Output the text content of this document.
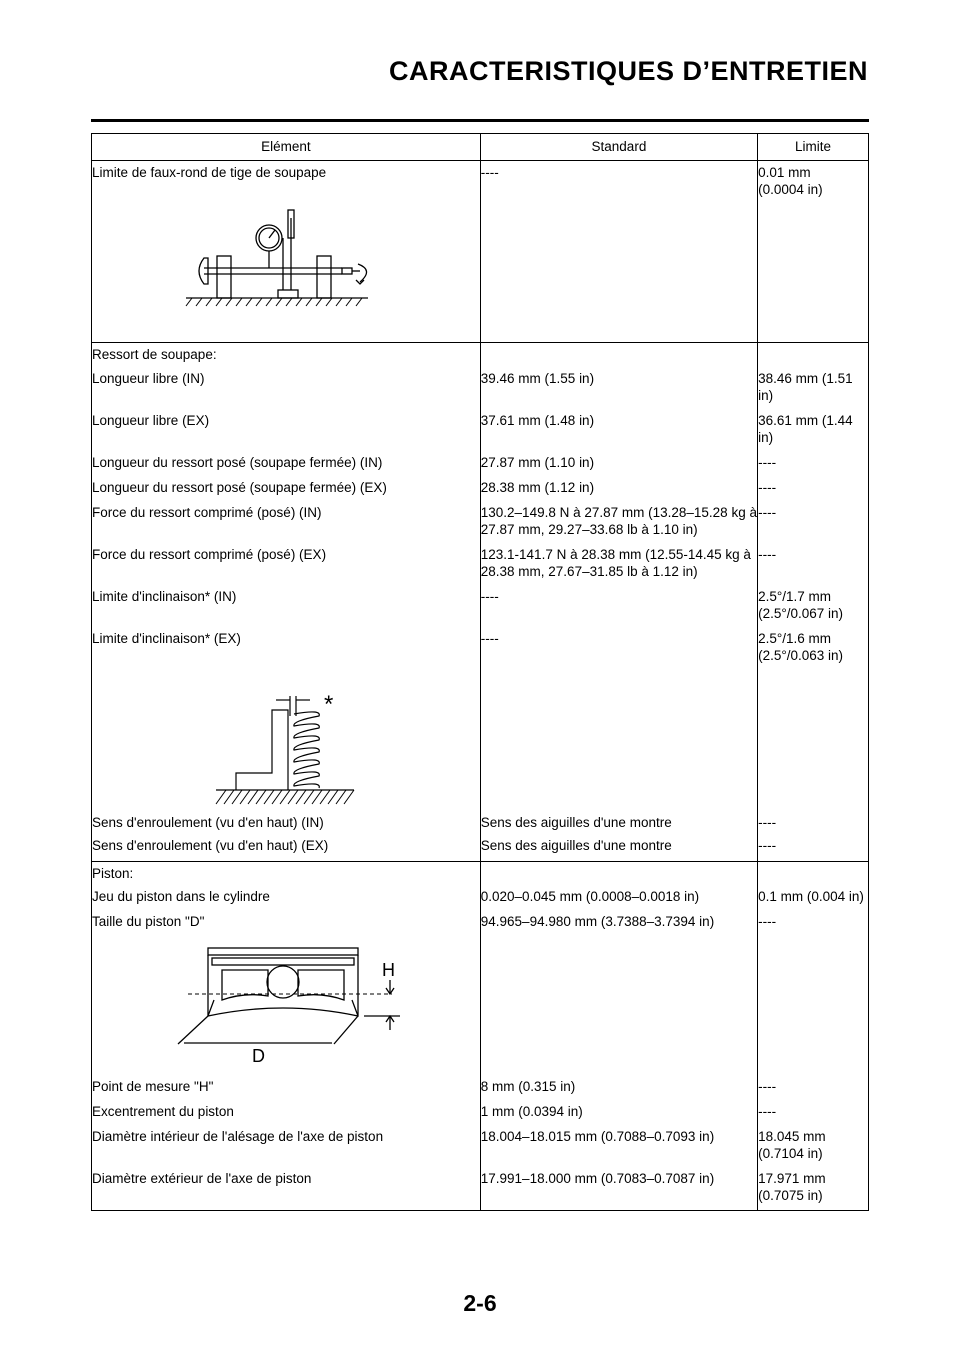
CARACTERISTIQUES D’ENTRETIEN
Elément	Standard	Limite
Limite de faux-rond de tige de soupape	----	0.01 mm
(0.0004 in)

Ressort de soupape:		
Longueur libre (IN)	39.46 mm (1.55 in)	38.46 mm (1.51 in)
Longueur libre (EX)	37.61 mm (1.48 in)	36.61 mm (1.44 in)
Longueur du ressort posé (soupape fermée) (IN)	27.87 mm (1.10 in)	----
Longueur du ressort posé (soupape fermée) (EX)	28.38 mm (1.12 in)	----
Force du ressort comprimé (posé) (IN)	130.2–149.8 N à 27.87 mm (13.28–15.28 kg à 27.87 mm, 29.27–33.68 lb à 1.10 in)	----
Force du ressort comprimé (posé) (EX)	123.1-141.7 N à 28.38 mm (12.55-14.45 kg à 28.38 mm, 27.67–31.85 lb à 1.12 in)	----
Limite d'inclinaison* (IN)	----	2.5°/1.7 mm
(2.5°/0.067 in)
Limite d'inclinaison* (EX)	----	2.5°/1.6 mm
(2.5°/0.063 in)

*		

Sens d'enroulement (vu d'en haut) (IN)	Sens des aiguilles d'une montre	----
Sens d'enroulement (vu d'en haut) (EX)	Sens des aiguilles d'une montre	----
Piston:		
Jeu du piston dans le cylindre	0.020–0.045 mm (0.0008–0.0018 in)	0.1 mm (0.004 in)
Taille du piston "D"	94.965–94.980 mm (3.7388–3.7394 in)	----

H
D		

Point de mesure "H"	8 mm (0.315 in)	----
Excentrement du piston	1 mm (0.0394 in)	----
Diamètre intérieur de l'alésage de l'axe de piston	18.004–18.015 mm (0.7088–0.7093 in)	18.045 mm
(0.7104 in)
Diamètre extérieur de l'axe de piston	17.991–18.000 mm (0.7083–0.7087 in)	17.971 mm
(0.7075 in)
2-6
